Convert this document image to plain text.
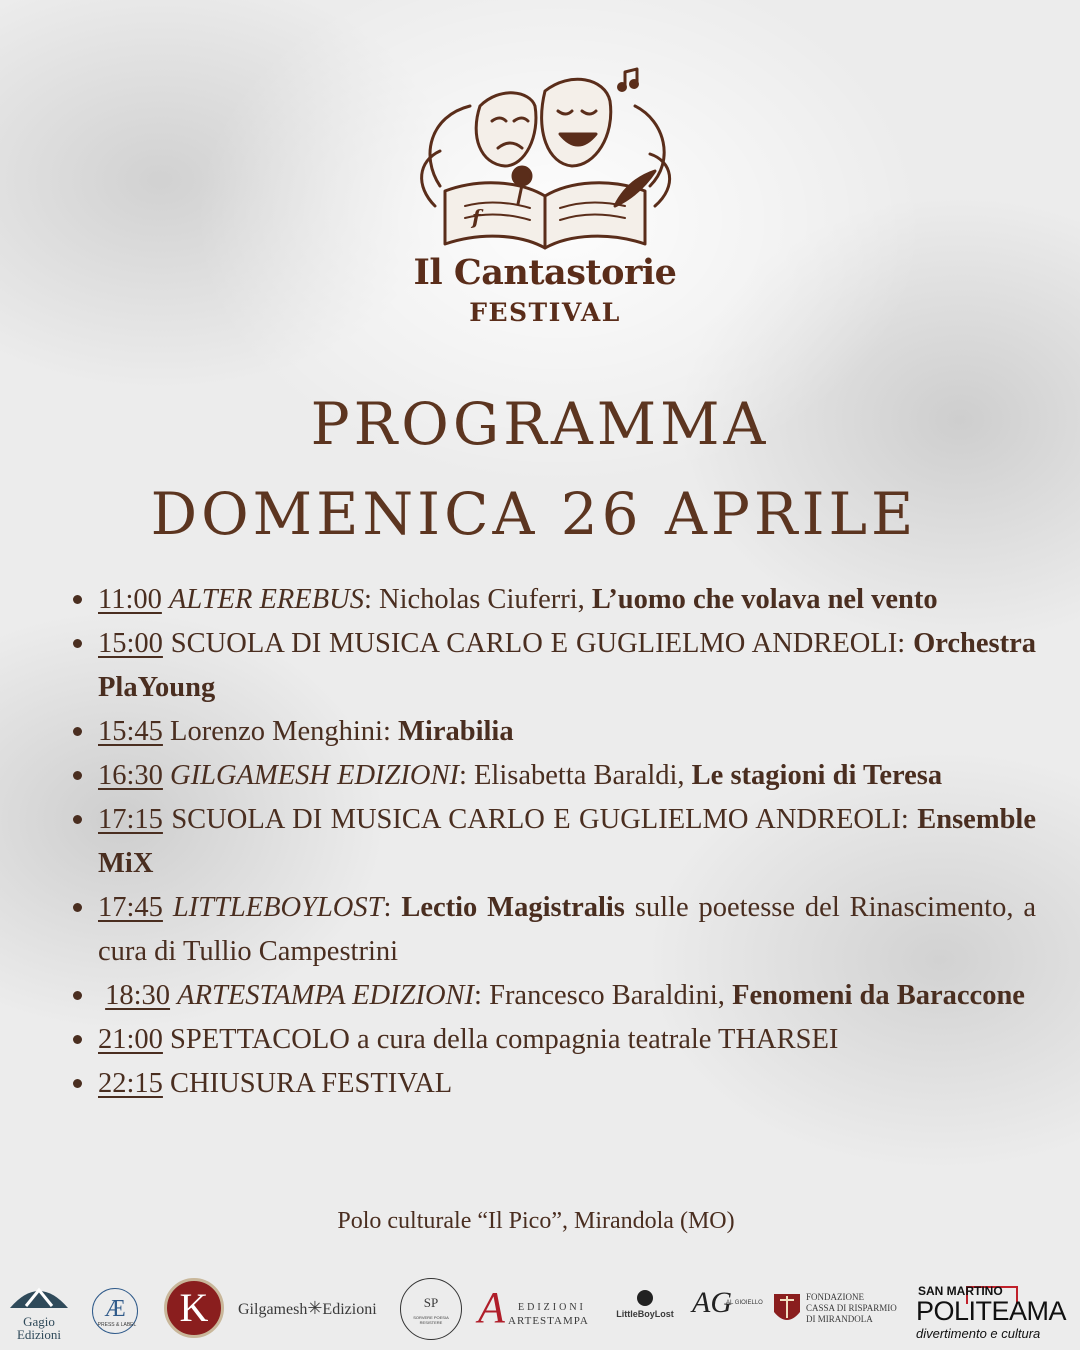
f
Il Cantastorie
FESTIVAL
PROGRAMMA
DOMENICA 26 APRILE
11:00 ALTER EREBUS: Nicholas Ciuferri, L’uomo che volava nel vento
15:00 SCUOLA DI MUSICA CARLO E GUGLIELMO ANDREOLI: Orchestra PlaYoung
15:45 Lorenzo Menghini: Mirabilia
16:30 GILGAMESH EDIZIONI: Elisabetta Baraldi, Le stagioni di Teresa
17:15 SCUOLA DI MUSICA CARLO E GUGLIELMO ANDREOLI: Ensemble MiX
17:45 LITTLEBOYLOST: Lectio Magistralis sulle poetesse del Rinascimento, a cura di Tullio Campestrini
18:30 ARTESTAMPA EDIZIONI: Francesco Baraldini, Fenomeni da Baraccone
21:00 SPETTACOLO a cura della compagnia teatrale THARSEI
22:15 CHIUSURA FESTIVAL
Polo culturale “Il Pico”, Mirandola (MO)
Gagio
Edizioni
Æ
PRESS & LABEL	K	Gilgamesh✳Edizioni	SP
SORVERE POESIA RESISTERE A EDIZIONI
ARTESTAMPA
LittleBoyLost AG
AL GIOIELLO
FONDAZIONE
CASSA DI RISPARMIO
DI MIRANDOLA
SAN MARTINO
POLITEAMA
divertimento e cultura
